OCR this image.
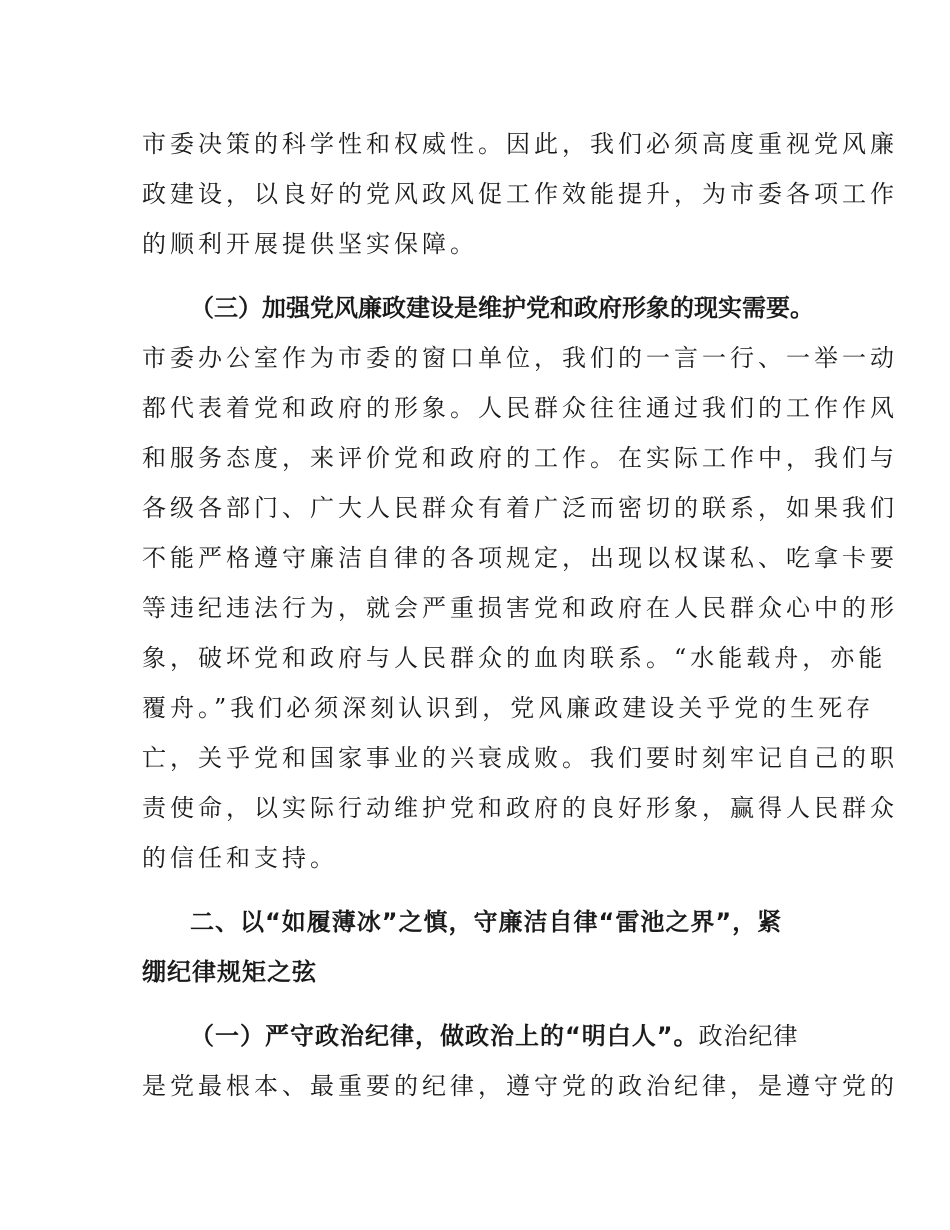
市委决策的科学性和权威性。因此，我们必须高度重视党风廉
政建设，以良好的党风政风促工作效能提升，为市委各项工作
的顺利开展提供坚实保障。
（三）加强党风廉政建设是维护党和政府形象的现实需要。
市委办公室作为市委的窗口单位，我们的一言一行、一举一动
都代表着党和政府的形象。人民群众往往通过我们的工作作风
和服务态度，来评价党和政府的工作。在实际工作中，我们与
各级各部门、广大人民群众有着广泛而密切的联系，如果我们
不能严格遵守廉洁自律的各项规定，出现以权谋私、吃拿卡要
等违纪违法行为，就会严重损害党和政府在人民群众心中的形
象，破坏党和政府与人民群众的血肉联系。“水能载舟，亦能
覆舟。”我们必须深刻认识到，党风廉政建设关乎党的生死存
亡，关乎党和国家事业的兴衰成败。我们要时刻牢记自己的职
责使命，以实际行动维护党和政府的良好形象，赢得人民群众
的信任和支持。
二、以“如履薄冰”之慎，守廉洁自律“雷池之界”，紧
绷纪律规矩之弦
（一）严守政治纪律，做政治上的“明白人”。政治纪律
是党最根本、最重要的纪律，遵守党的政治纪律，是遵守党的
